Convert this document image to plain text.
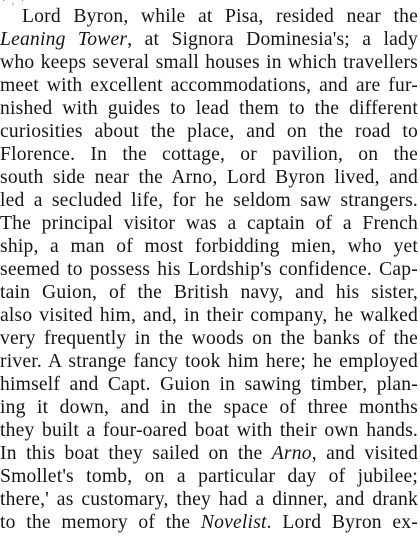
· , ·
Lord Byron, while at Pisa, resided near the
Leaning Tower, at Signora Dominesia's; a lady
who keeps several small houses in which travellers
meet with excellent accommodations, and are fur-
nished with guides to lead them to the different
curiosities about the place, and on the road to
Florence. In the cottage, or pavilion, on the
south side near the Arno, Lord Byron lived, and
led a secluded life, for he seldom saw strangers.
The principal visitor was a captain of a French
ship, a man of most forbidding mien, who yet
seemed to possess his Lordship's confidence. Cap-
tain Guion, of the British navy, and his sister,
also visited him, and, in their company, he walked
very frequently in the woods on the banks of the
river. A strange fancy took him here; he employed
himself and Capt. Guion in sawing timber, plan-
ing it down, and in the space of three months
they built a four-oared boat with their own hands.
In this boat they sailed on the Arno, and visited
Smollet's tomb, on a particular day of jubilee;
there,' as customary, they had a dinner, and drank
to the memory of the Novelist. Lord Byron ex-
